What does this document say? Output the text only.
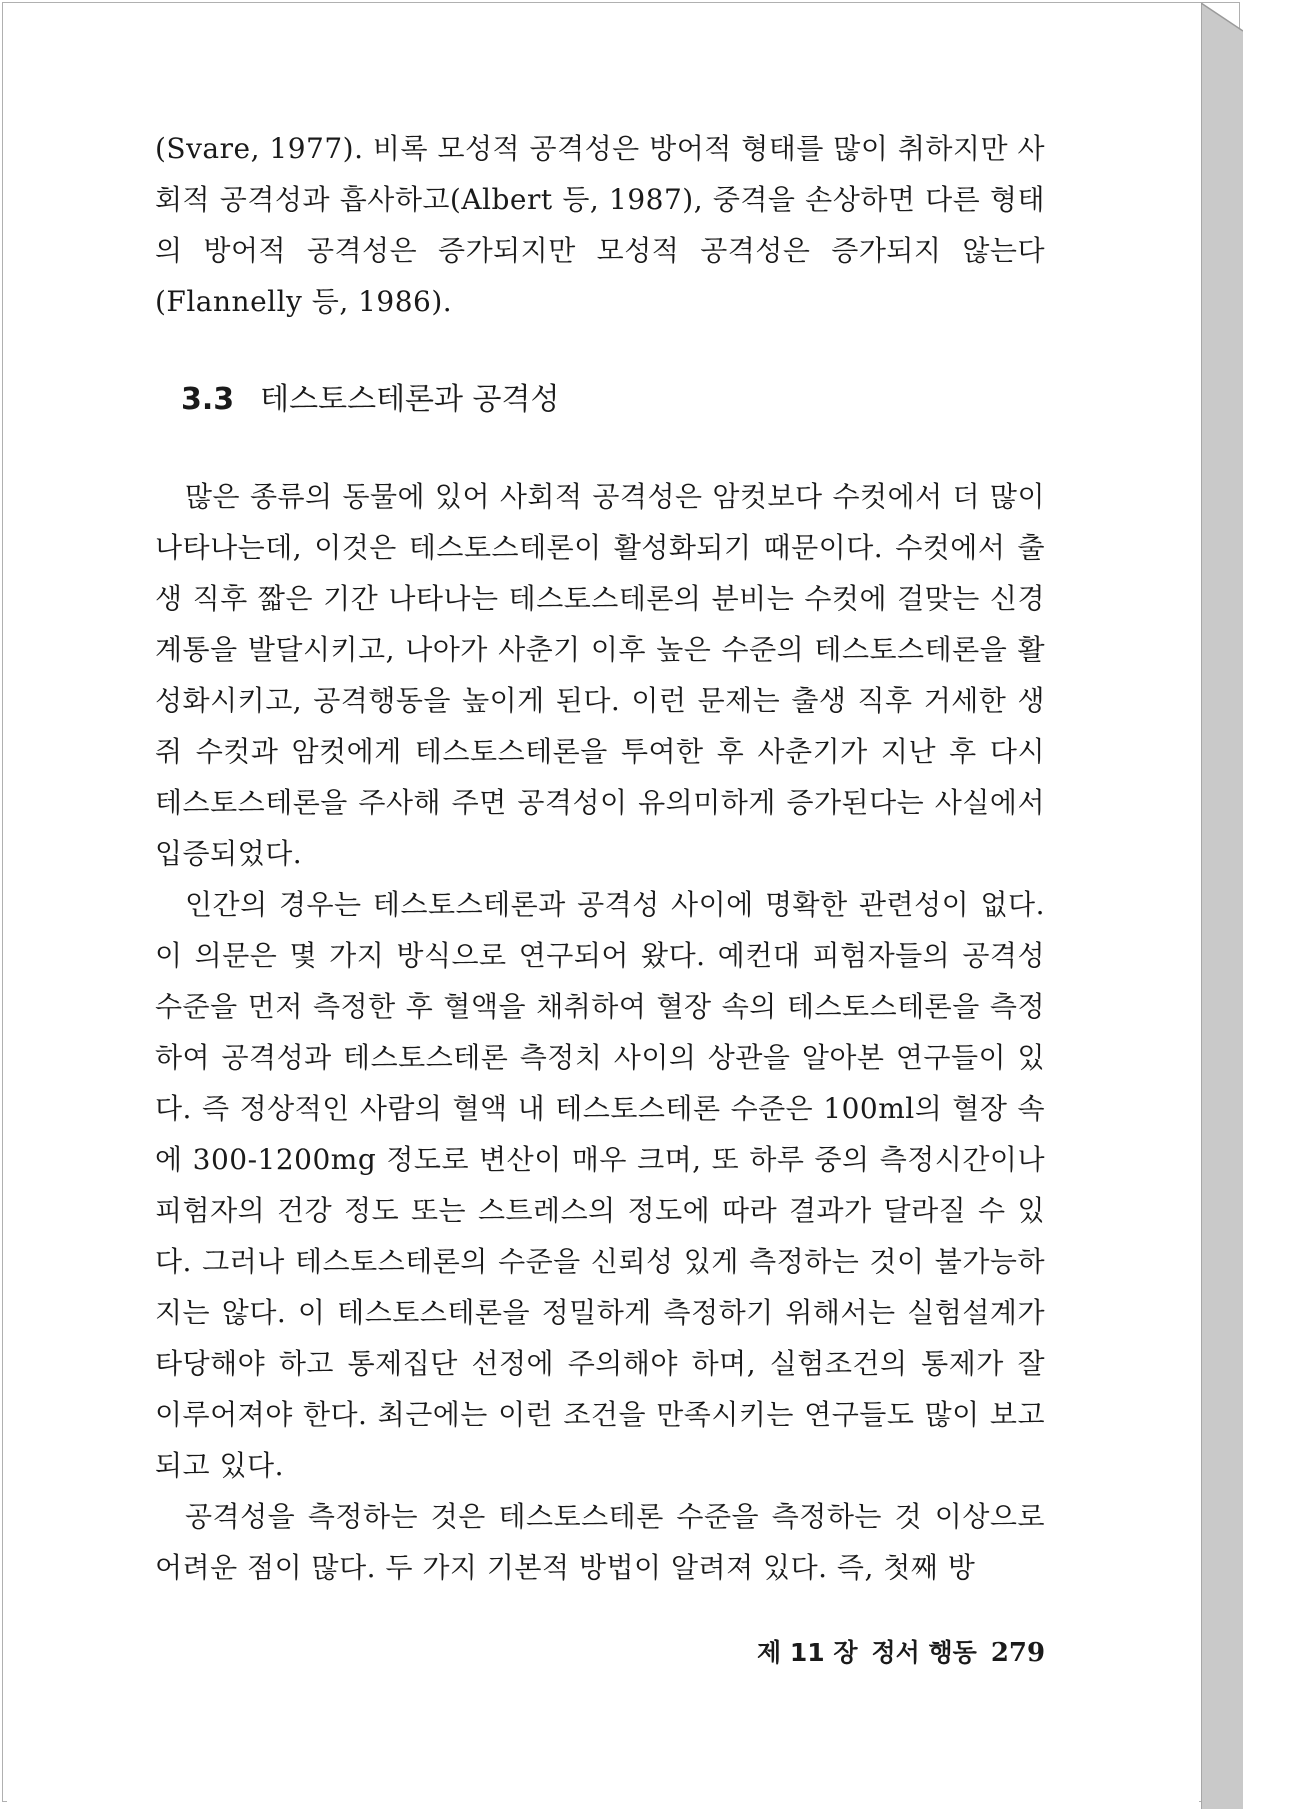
(Svare, 1977). 비록 모성적 공격성은 방어적 형태를 많이 취하지만 사회적 공격성과 흡사하고(Albert 등, 1987), 중격을 손상하면 다른 형태의 방어적 공격성은 증가되지만 모성적 공격성은 증가되지 않는다 (Flannelly 등, 1986).

3.3 테스토스테론과 공격성

많은 종류의 동물에 있어 사회적 공격성은 암컷보다 수컷에서 더 많이 나타나는데, 이것은 테스토스테론이 활성화되기 때문이다. 수컷에서 출생 직후 짧은 기간 나타나는 테스토스테론의 분비는 수컷에 걸맞는 신경 계통을 발달시키고, 나아가 사춘기 이후 높은 수준의 테스토스테론을 활성화시키고, 공격행동을 높이게 된다. 이런 문제는 출생 직후 거세한 생쥐 수컷과 암컷에게 테스토스테론을 투여한 후 사춘기가 지난 후 다시 테스토스테론을 주사해 주면 공격성이 유의미하게 증가된다는 사실에서 입증되었다.

인간의 경우는 테스토스테론과 공격성 사이에 명확한 관련성이 없다. 이 의문은 몇 가지 방식으로 연구되어 왔다. 예컨대 피험자들의 공격성 수준을 먼저 측정한 후 혈액을 채취하여 혈장 속의 테스토스테론을 측정하여 공격성과 테스토스테론 측정치 사이의 상관을 알아본 연구들이 있다. 즉 정상적인 사람의 혈액 내 테스토스테론 수준은 100ml의 혈장 속에 300-1200mg 정도로 변산이 매우 크며, 또 하루 중의 측정시간이나 피험자의 건강 정도 또는 스트레스의 정도에 따라 결과가 달라질 수 있다. 그러나 테스토스테론의 수준을 신뢰성 있게 측정하는 것이 불가능하지는 않다. 이 테스토스테론을 정밀하게 측정하기 위해서는 실험설계가 타당해야 하고 통제집단 선정에 주의해야 하며, 실험조건의 통제가 잘 이루어져야 한다. 최근에는 이런 조건을 만족시키는 연구들도 많이 보고되고 있다.

공격성을 측정하는 것은 테스토스테론 수준을 측정하는 것 이상으로 어려운 점이 많다. 두 가지 기본적 방법이 알려져 있다. 즉, 첫째 방

제 11 장 정서 행동 279
